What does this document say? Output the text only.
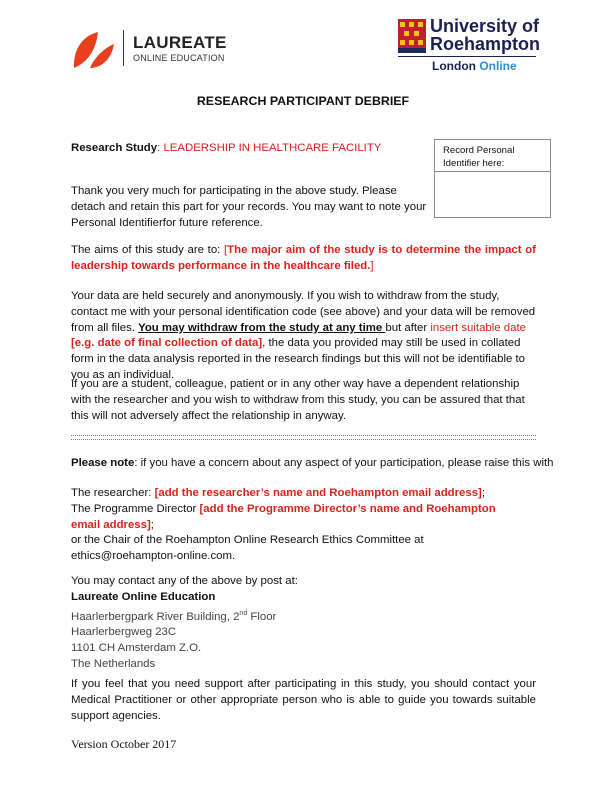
LAUREATE
ONLINE EDUCATION
University of
Roehampton
London Online
RESEARCH PARTICIPANT DEBRIEF
Research Study: LEADERSHIP IN HEALTHCARE FACILITY	Record Personal Identifier here:
Thank you very much for participating in the above study. Please detach and retain this part for your records. You may want to note your Personal Identifierfor future reference.
The aims of this study are to: [The major aim of the study is to determine the impact of leadership towards performance in the healthcare filed.]
Your data are held securely and anonymously. If you wish to withdraw from the study, contact me with your personal identification code (see above) and your data will be removed from all files. You may withdraw from the study at any time but after insert suitable date [e.g. date of final collection of data], the data you provided may still be used in collated form in the data analysis reported in the research findings but this will not be identifiable to you as an individual.
If you are a student, colleague, patient or in any other way have a dependent relationship with the researcher and you wish to withdraw from this study, you can be assured that that this will not adversely affect the relationship in anyway.
Please note: if you have a concern about any aspect of your participation, please raise this with
The researcher: [add the researcher’s name and Roehampton email address];
The Programme Director [add the Programme Director’s name and Roehampton email address];
or the Chair of the Roehampton Online Research Ethics Committee at ethics@roehampton-online.com.
You may contact any of the above by post at:
Laureate Online Education
Haarlerbergpark River Building, 2nd Floor
Haarlerbergweg 23C
1101 CH Amsterdam Z.O.
The Netherlands
If you feel that you need support after participating in this study, you should contact your Medical Practitioner or other appropriate person who is able to guide you towards suitable support agencies.
Version October 2017
